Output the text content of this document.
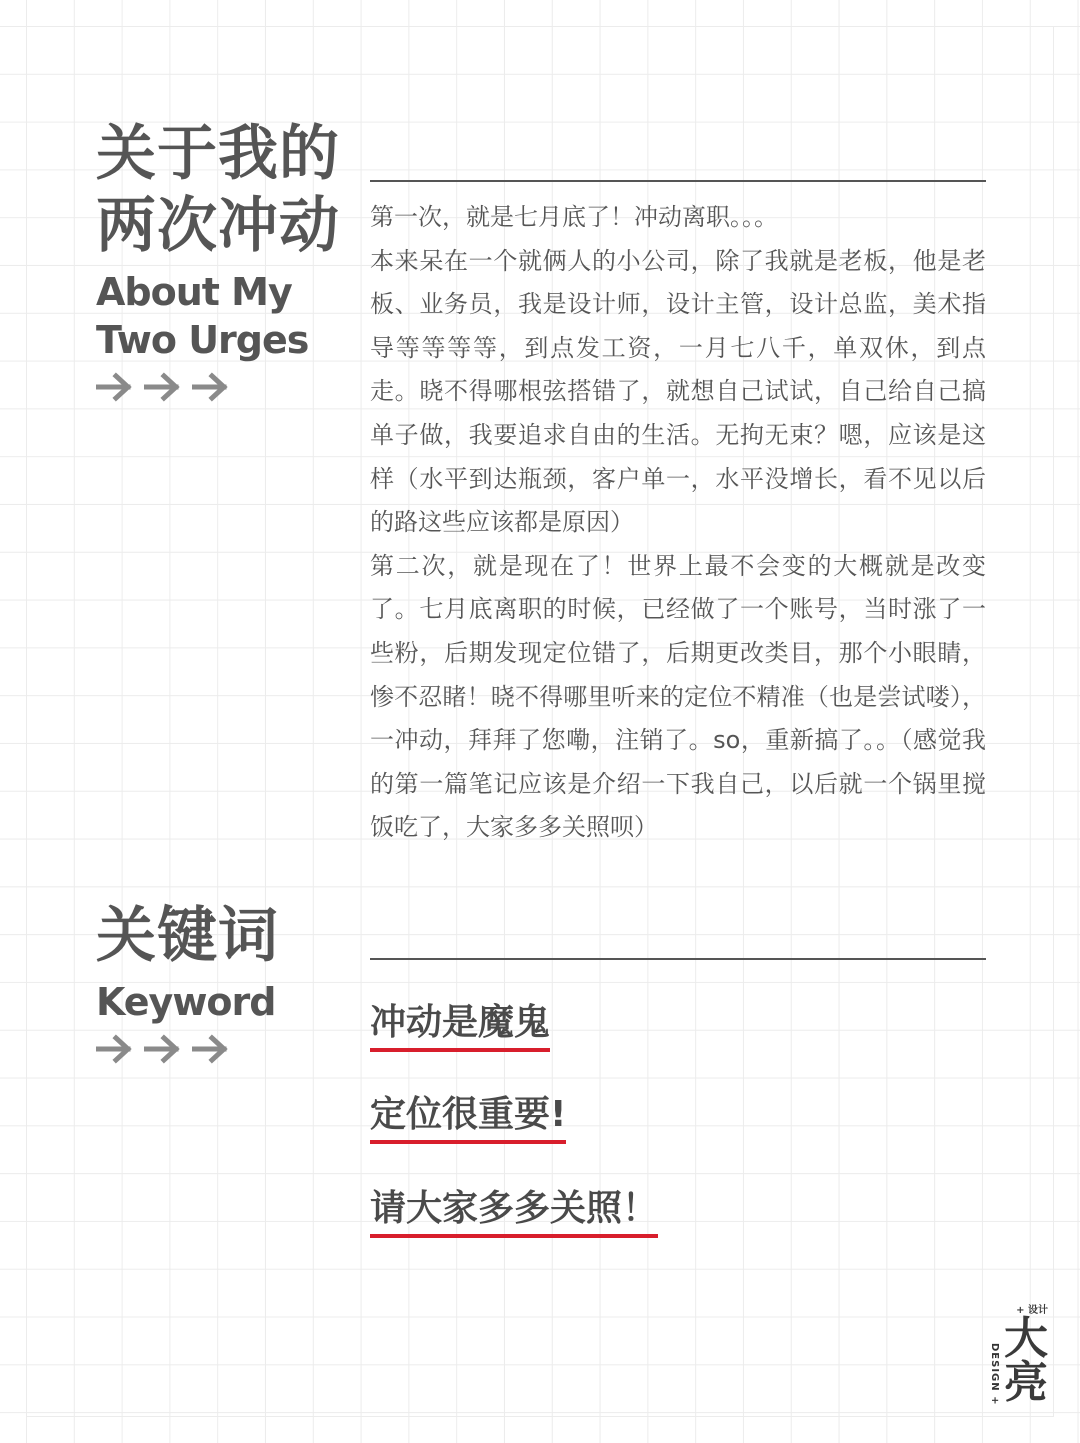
关于我的
两次冲动
About My
Two Urges

第一次，就是七月底了！冲动离职。。。

本来呆在一个就俩人的小公司，除了我就是老板，他是老板、业务员，我是设计师，设计主管，设计总监，美术指导等等等等，到点发工资，一月七八千，单双休，到点走。晓不得哪根弦搭错了，就想自己试试，自己给自己搞单子做，我要追求自由的生活。无拘无束？嗯，应该是这样（水平到达瓶颈，客户单一，水平没增长，看不见以后的路这些应该都是原因）

第二次，就是现在了！世界上最不会变的大概就是改变了。七月底离职的时候，已经做了一个账号，当时涨了一些粉，后期发现定位错了，后期更改类目，那个小眼睛，惨不忍睹！晓不得哪里听来的定位不精准（也是尝试喽），一冲动，拜拜了您嘞，注销了。so，重新搞了。。（感觉我的第一篇笔记应该是介绍一下我自己，以后就一个锅里搅饭吃了，大家多多关照呗）

关键词
Keyword	冲动是魔鬼
定位很重要!
请大家多多关照！
DESIGN +
+ 设计
大
亮
